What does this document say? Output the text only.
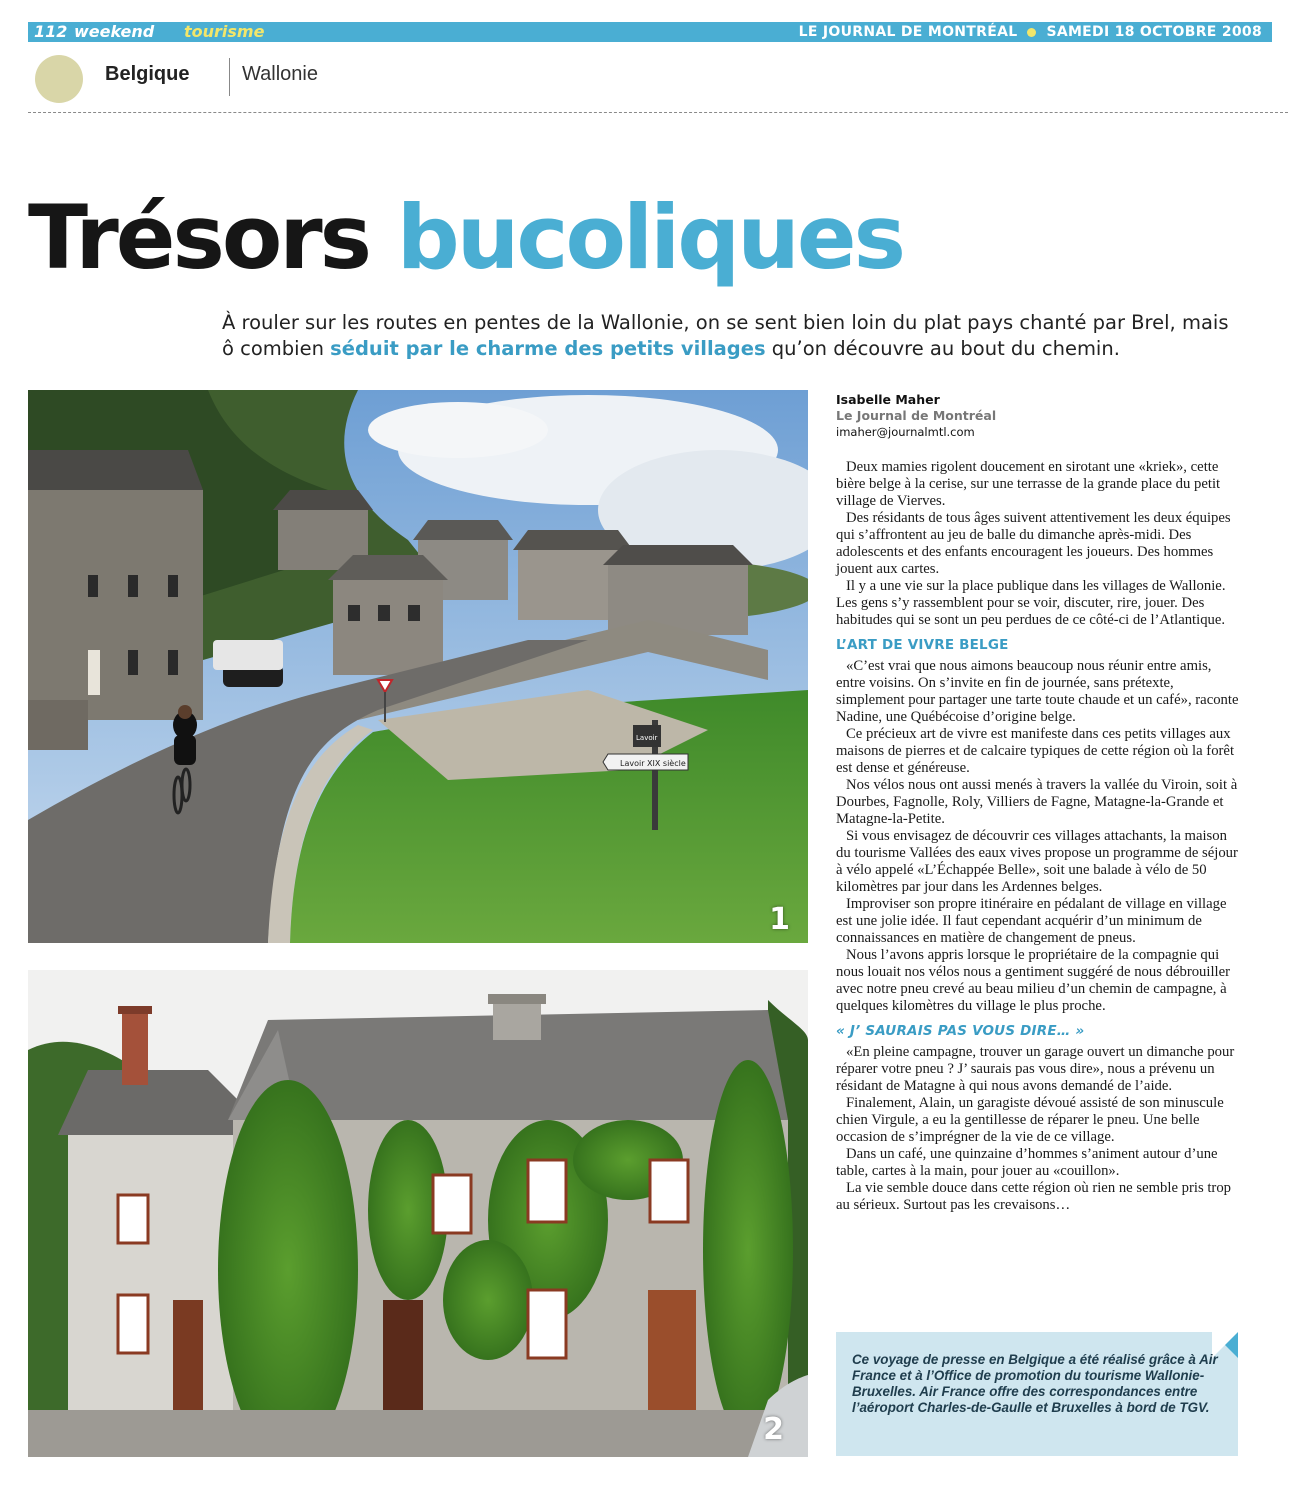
112 weekend tourisme	LE JOURNAL DE MONTRÉAL SAMEDI 18 OCTOBRE 2008
Belgique	Wallonie
Trésors bucoliques

À rouler sur les routes en pentes de la Wallonie, on se sent bien loin du plat pays chanté par Brel, mais ô combien séduit par le charme des petits villages qu’on découvre au bout du chemin.

Lavoir
Lavoir XIX siècle
1
2
Isabelle Maher
Le Journal de Montréal
imaher@journalmtl.com

Deux mamies rigolent doucement en sirotant une «kriek», cette bière belge à la cerise, sur une terrasse de la grande place du petit village de Vierves.

Des résidants de tous âges suivent attentivement les deux équipes qui s’affrontent au jeu de balle du dimanche après-midi. Des adolescents et des enfants encouragent les joueurs. Des hommes jouent aux cartes.

Il y a une vie sur la place publique dans les villages de Wallonie. Les gens s’y rassemblent pour se voir, discuter, rire, jouer. Des habitudes qui se sont un peu perdues de ce côté-ci de l’Atlantique.

L’ART DE VIVRE BELGE

«C’est vrai que nous aimons beaucoup nous réunir entre amis, entre voisins. On s’invite en fin de journée, sans prétexte, simplement pour partager une tarte toute chaude et un café», raconte Nadine, une Québécoise d’origine belge.

Ce précieux art de vivre est manifeste dans ces petits villages aux maisons de pierres et de calcaire typiques de cette région où la forêt est dense et généreuse.

Nos vélos nous ont aussi menés à travers la vallée du Viroin, soit à Dourbes, Fagnolle, Roly, Villiers de Fagne, Matagne-la-Grande et Matagne-la-Petite.

Si vous envisagez de découvrir ces villages attachants, la maison du tourisme Vallées des eaux vives propose un programme de séjour à vélo appelé «L’Échappée Belle», soit une balade à vélo de 50 kilomètres par jour dans les Ardennes belges.

Improviser son propre itinéraire en pédalant de village en village est une jolie idée. Il faut cependant acquérir d’un minimum de connaissances en matière de changement de pneus.

Nous l’avons appris lorsque le propriétaire de la compagnie qui nous louait nos vélos nous a gentiment suggéré de nous débrouiller avec notre pneu crevé au beau milieu d’un chemin de campagne, à quelques kilomètres du village le plus proche.

« J’ SAURAIS PAS VOUS DIRE… »

«En pleine campagne, trouver un garage ouvert un dimanche pour réparer votre pneu ? J’ saurais pas vous dire», nous a prévenu un résidant de Matagne à qui nous avons demandé de l’aide.

Finalement, Alain, un garagiste dévoué assisté de son minuscule chien Virgule, a eu la gentillesse de réparer le pneu. Une belle occasion de s’imprégner de la vie de ce village.

Dans un café, une quinzaine d’hommes s’animent autour d’une table, cartes à la main, pour jouer au «couillon».

La vie semble douce dans cette région où rien ne semble pris trop au sérieux. Surtout pas les crevaisons…

Ce voyage de presse en Belgique a été réalisé grâce à Air France et à l’Office de promotion du tourisme Wallonie-Bruxelles. Air France offre des correspondances entre l’aéroport Charles-de-Gaulle et Bruxelles à bord de TGV.
